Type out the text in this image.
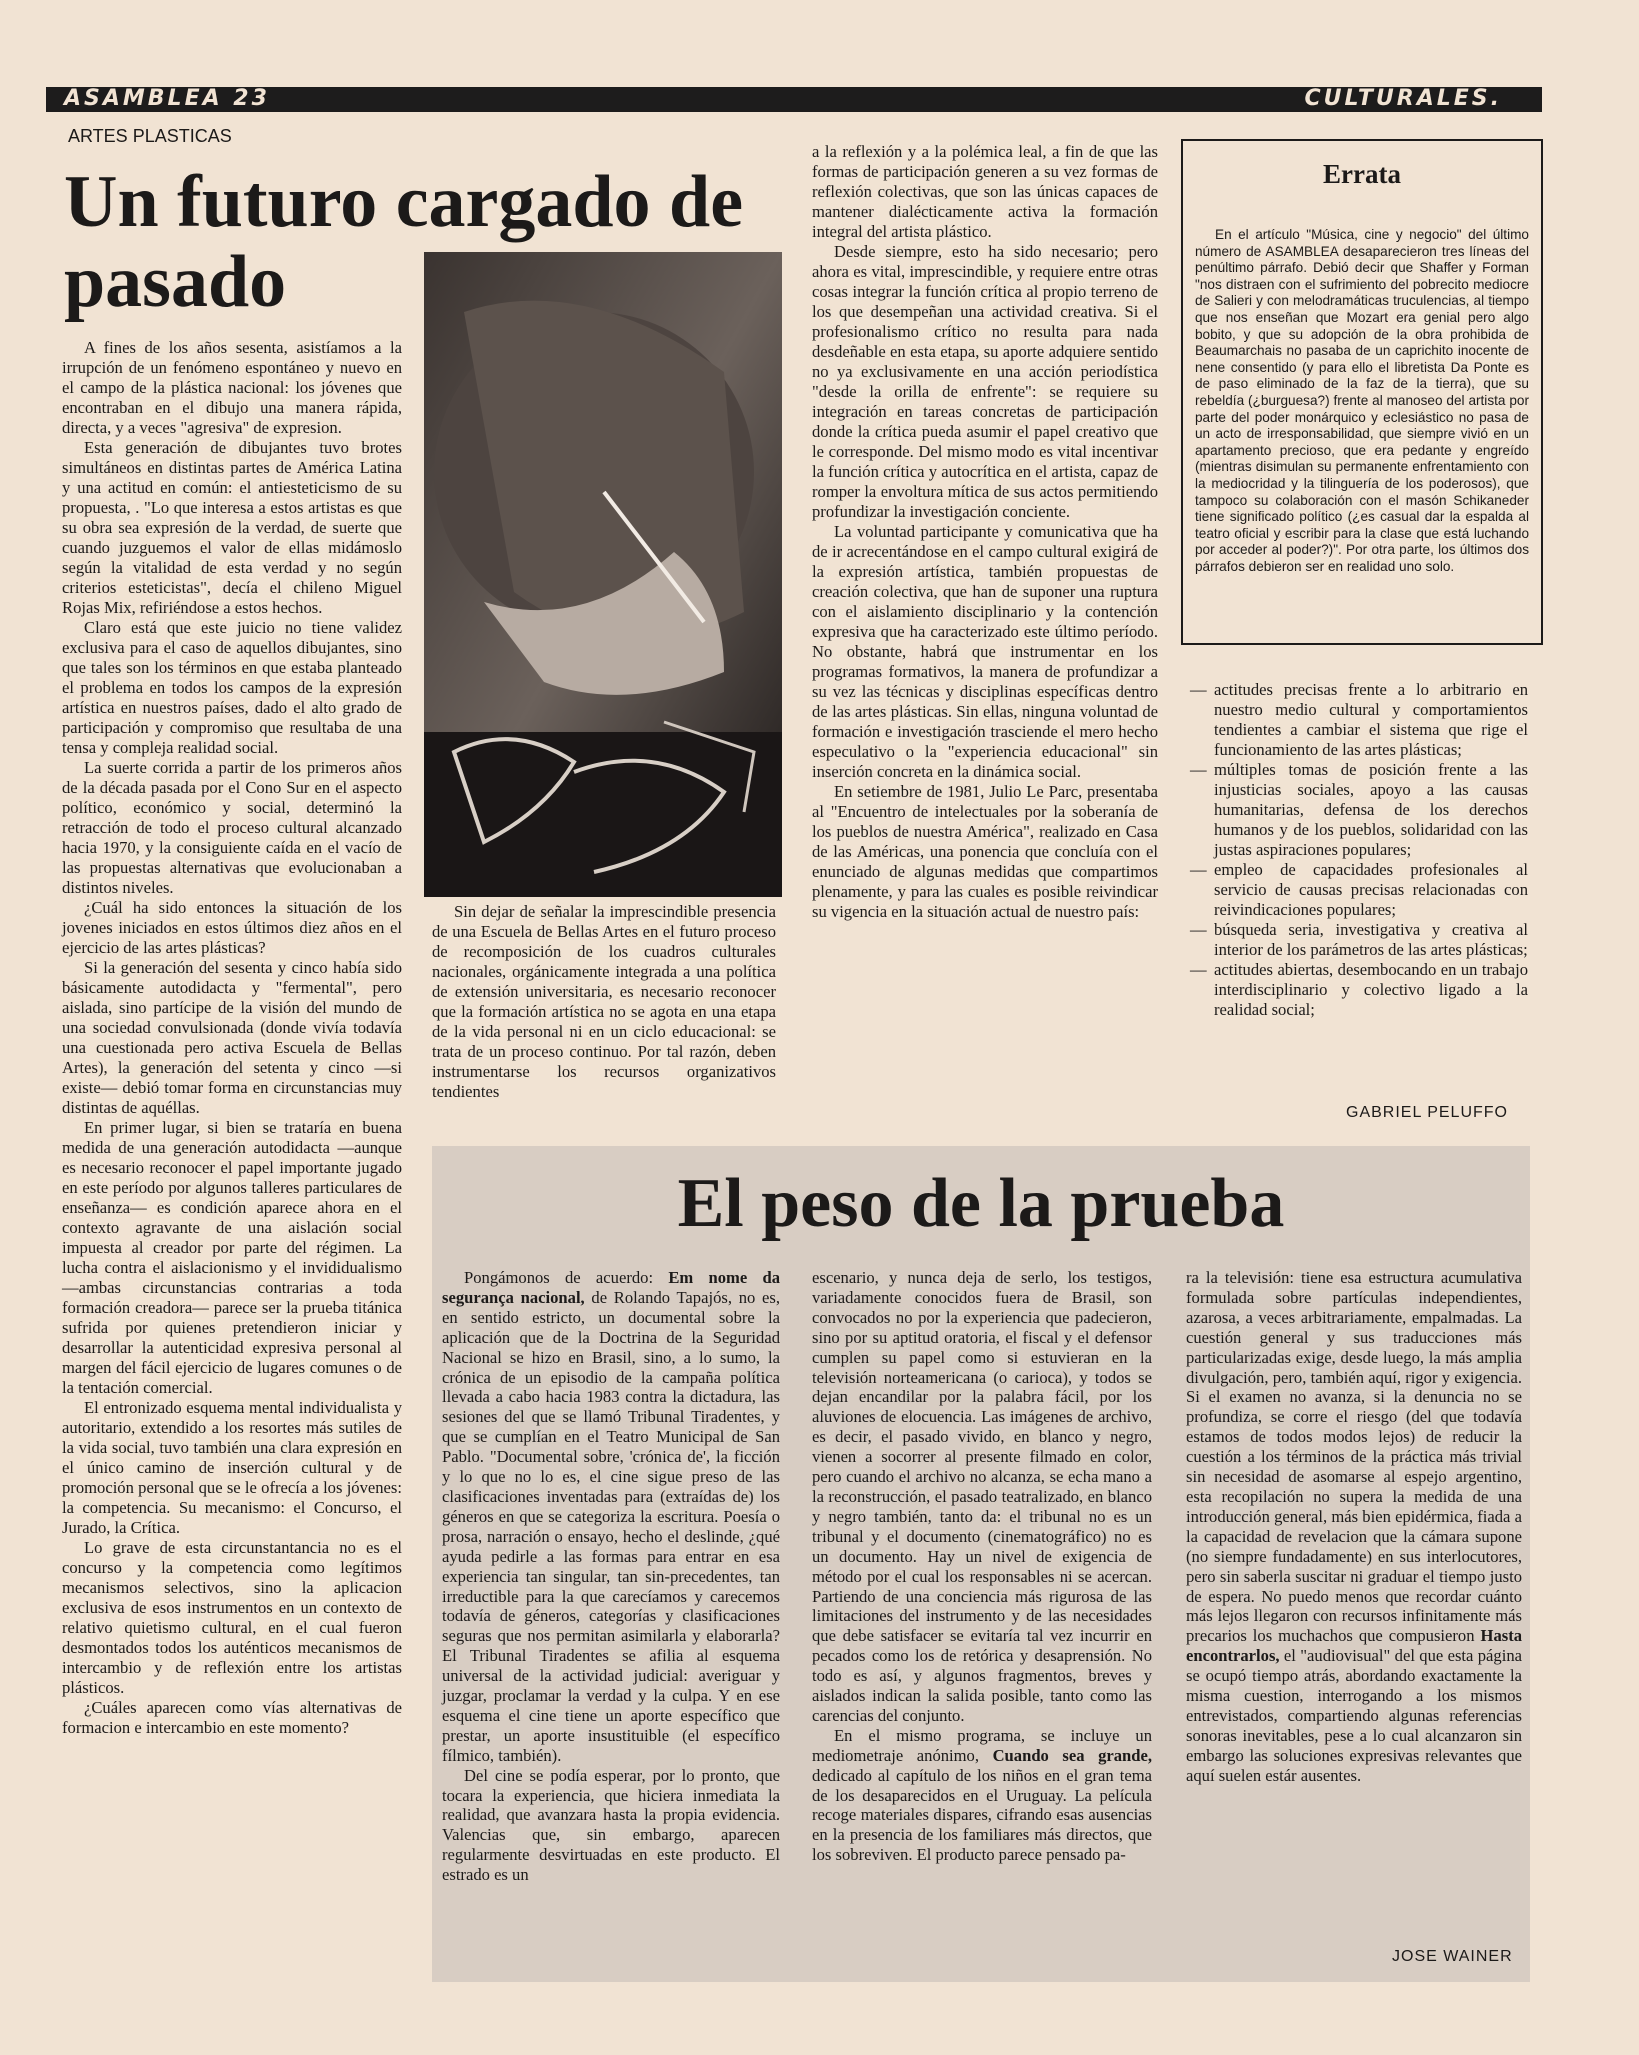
ASAMBLEA 23	CULTURALES.
ARTES PLASTICAS
Un futuro cargado de
pasado

A fines de los años sesenta, asistíamos a la irrupción de un fenómeno espontáneo y nuevo en el campo de la plástica nacional: los jóvenes que encontraban en el dibujo una manera rápida, directa, y a veces "agresiva" de expresion.

Esta generación de dibujantes tuvo brotes simultáneos en distintas partes de América Latina y una actitud en común: el antiesteticismo de su propuesta, . "Lo que interesa a estos artistas es que su obra sea expresión de la verdad, de suerte que cuando juzguemos el valor de ellas midámoslo según la vitalidad de esta verdad y no según criterios esteticistas", decía el chileno Miguel Rojas Mix, refiriéndose a estos hechos.

Claro está que este juicio no tiene validez exclusiva para el caso de aquellos dibujantes, sino que tales son los términos en que estaba planteado el problema en todos los campos de la expresión artística en nuestros países, dado el alto grado de participación y compromiso que resultaba de una tensa y compleja realidad social.

La suerte corrida a partir de los primeros años de la década pasada por el Cono Sur en el aspecto político, económico y social, determinó la retracción de todo el proceso cultural alcanzado hacia 1970, y la consiguiente caída en el vacío de las propuestas alternativas que evolucionaban a distintos niveles.

¿Cuál ha sido entonces la situación de los jovenes iniciados en estos últimos diez años en el ejercicio de las artes plásticas?

Si la generación del sesenta y cinco había sido básicamente autodidacta y "fermental", pero aislada, sino partícipe de la visión del mundo de una sociedad convulsionada (donde vivía todavía una cuestionada pero activa Escuela de Bellas Artes), la generación del setenta y cinco —si existe— debió tomar forma en circunstancias muy distintas de aquéllas.

En primer lugar, si bien se trataría en buena medida de una generación autodidacta —aunque es necesario reconocer el papel importante jugado en este período por algunos talleres particulares de enseñanza— es condición aparece ahora en el contexto agravante de una aislación social impuesta al creador por parte del régimen. La lucha contra el aislacionismo y el invididualismo —ambas circunstancias contrarias a toda formación creadora— parece ser la prueba titánica sufrida por quienes pretendieron iniciar y desarrollar la autenticidad expresiva personal al margen del fácil ejercicio de lugares comunes o de la tentación comercial.

El entronizado esquema mental individualista y autoritario, extendido a los resortes más sutiles de la vida social, tuvo también una clara expresión en el único camino de inserción cultural y de promoción personal que se le ofrecía a los jóvenes: la competencia. Su mecanismo: el Concurso, el Jurado, la Crítica.

Lo grave de esta circunstantancia no es el concurso y la competencia como legítimos mecanismos selectivos, sino la aplicacion exclusiva de esos instrumentos en un contexto de relativo quietismo cultural, en el cual fueron desmontados todos los auténticos mecanismos de intercambio y de reflexión entre los artistas plásticos.

¿Cuáles aparecen como vías alternativas de formacion e intercambio en este momento?

Sin dejar de señalar la imprescindible presencia de una Escuela de Bellas Artes en el futuro proceso de recomposición de los cuadros culturales nacionales, orgánicamente integrada a una política de extensión universitaria, es necesario reconocer que la formación artística no se agota en una etapa de la vida personal ni en un ciclo educacional: se trata de un proceso continuo. Por tal razón, deben instrumentarse los recursos organizativos tendientes

a la reflexión y a la polémica leal, a fin de que las formas de participación generen a su vez formas de reflexión colectivas, que son las únicas capaces de mantener dialécticamente activa la formación integral del artista plástico.

Desde siempre, esto ha sido necesario; pero ahora es vital, imprescindible, y requiere entre otras cosas integrar la función crítica al propio terreno de los que desempeñan una actividad creativa. Si el profesionalismo crítico no resulta para nada desdeñable en esta etapa, su aporte adquiere sentido no ya exclusivamente en una acción periodística "desde la orilla de enfrente": se requiere su integración en tareas concretas de participación donde la crítica pueda asumir el papel creativo que le corresponde. Del mismo modo es vital incentivar la función crítica y autocrítica en el artista, capaz de romper la envoltura mítica de sus actos permitiendo profundizar la investigación conciente.

La voluntad participante y comunicativa que ha de ir acrecentándose en el campo cultural exigirá de la expresión artística, también propuestas de creación colectiva, que han de suponer una ruptura con el aislamiento disciplinario y la contención expresiva que ha caracterizado este último período. No obstante, habrá que instrumentar en los programas formativos, la manera de profundizar a su vez las técnicas y disciplinas específicas dentro de las artes plásticas. Sin ellas, ninguna voluntad de formación e investigación trasciende el mero hecho especulativo o la "experiencia educacional" sin inserción concreta en la dinámica social.

En setiembre de 1981, Julio Le Parc, presentaba al "Encuentro de intelectuales por la soberanía de los pueblos de nuestra América", realizado en Casa de las Américas, una ponencia que concluía con el enunciado de algunas medidas que compartimos plenamente, y para las cuales es posible reivindicar su vigencia en la situación actual de nuestro país:

Errata

En el artículo "Música, cine y negocio" del último número de ASAMBLEA desaparecieron tres líneas del penúltimo párrafo. Debió decir que Shaffer y Forman "nos distraen con el sufrimiento del pobrecito mediocre de Salieri y con melodramáticas truculencias, al tiempo que nos enseñan que Mozart era genial pero algo bobito, y que su adopción de la obra prohibida de Beaumarchais no pasaba de un caprichito inocente de nene consentido (y para ello el libretista Da Ponte es de paso eliminado de la faz de la tierra), que su rebeldía (¿burguesa?) frente al manoseo del artista por parte del poder monárquico y eclesiástico no pasa de un acto de irresponsabilidad, que siempre vivió en un apartamento precioso, que era pedante y engreído (mientras disimulan su permanente enfrentamiento con la mediocridad y la tilinguería de los poderosos), que tampoco su colaboración con el masón Schikaneder tiene significado político (¿es casual dar la espalda al teatro oficial y escribir para la clase que está luchando por acceder al poder?)". Por otra parte, los últimos dos párrafos debieron ser en realidad uno solo.

— actitudes precisas frente a lo arbitrario en nuestro medio cultural y comportamientos tendientes a cambiar el sistema que rige el funcionamiento de las artes plásticas;
— múltiples tomas de posición frente a las injusticias sociales, apoyo a las causas humanitarias, defensa de los derechos humanos y de los pueblos, solidaridad con las justas aspiraciones populares;
— empleo de capacidades profesionales al servicio de causas precisas relacionadas con reivindicaciones populares;
— búsqueda seria, investigativa y creativa al interior de los parámetros de las artes plásticas;
— actitudes abiertas, desembocando en un trabajo interdisciplinario y colectivo ligado a la realidad social;
GABRIEL PELUFFO
El peso de la prueba

Pongámonos de acuerdo: Em nome da segurança nacional, de Rolando Tapajós, no es, en sentido estricto, un documental sobre la aplicación que de la Doctrina de la Seguridad Nacional se hizo en Brasil, sino, a lo sumo, la crónica de un episodio de la campaña política llevada a cabo hacia 1983 contra la dictadura, las sesiones del que se llamó Tribunal Tiradentes, y que se cumplían en el Teatro Municipal de San Pablo. "Documental sobre, 'crónica de', la ficción y lo que no lo es, el cine sigue preso de las clasificaciones inventadas para (extraídas de) los géneros en que se categoriza la escritura. Poesía o prosa, narración o ensayo, hecho el deslinde, ¿qué ayuda pedirle a las formas para entrar en esa experiencia tan singular, tan sin-precedentes, tan irreductible para la que carecíamos y carecemos todavía de géneros, categorías y clasificaciones seguras que nos permitan asimilarla y elaborarla? El Tribunal Tiradentes se afilia al esquema universal de la actividad judicial: averiguar y juzgar, proclamar la verdad y la culpa. Y en ese esquema el cine tiene un aporte específico que prestar, un aporte insustituible (el específico fílmico, también).

Del cine se podía esperar, por lo pronto, que tocara la experiencia, que hiciera inmediata la realidad, que avanzara hasta la propia evidencia. Valencias que, sin embargo, aparecen regularmente desvirtuadas en este producto. El estrado es un

escenario, y nunca deja de serlo, los testigos, variadamente conocidos fuera de Brasil, son convocados no por la experiencia que padecieron, sino por su aptitud oratoria, el fiscal y el defensor cumplen su papel como si estuvieran en la televisión norteamericana (o carioca), y todos se dejan encandilar por la palabra fácil, por los aluviones de elocuencia. Las imágenes de archivo, es decir, el pasado vivido, en blanco y negro, vienen a socorrer al presente filmado en color, pero cuando el archivo no alcanza, se echa mano a la reconstrucción, el pasado teatralizado, en blanco y negro también, tanto da: el tribunal no es un tribunal y el documento (cinematográfico) no es un documento. Hay un nivel de exigencia de método por el cual los responsables ni se acercan. Partiendo de una conciencia más rigurosa de las limitaciones del instrumento y de las necesidades que debe satisfacer se evitaría tal vez incurrir en pecados como los de retórica y desaprensión. No todo es así, y algunos fragmentos, breves y aislados indican la salida posible, tanto como las carencias del conjunto.

En el mismo programa, se incluye un mediometraje anónimo, Cuando sea grande, dedicado al capítulo de los niños en el gran tema de los desaparecidos en el Uruguay. La película recoge materiales dispares, cifrando esas ausencias en la presencia de los familiares más directos, que los sobreviven. El producto parece pensado pa-

ra la televisión: tiene esa estructura acumulativa formulada sobre partículas independientes, azarosa, a veces arbitrariamente, empalmadas. La cuestión general y sus traducciones más particularizadas exige, desde luego, la más amplia divulgación, pero, también aquí, rigor y exigencia. Si el examen no avanza, si la denuncia no se profundiza, se corre el riesgo (del que todavía estamos de todos modos lejos) de reducir la cuestión a los términos de la práctica más trivial sin necesidad de asomarse al espejo argentino, esta recopilación no supera la medida de una introducción general, más bien epidérmica, fiada a la capacidad de revelacion que la cámara supone (no siempre fundadamente) en sus interlocutores, pero sin saberla suscitar ni graduar el tiempo justo de espera. No puedo menos que recordar cuánto más lejos llegaron con recursos infinitamente más precarios los muchachos que compusieron Hasta encontrarlos, el "audiovisual" del que esta página se ocupó tiempo atrás, abordando exactamente la misma cuestion, interrogando a los mismos entrevistados, compartiendo algunas referencias sonoras inevitables, pese a lo cual alcanzaron sin embargo las soluciones expresivas relevantes que aquí suelen estár ausentes.

JOSE WAINER
